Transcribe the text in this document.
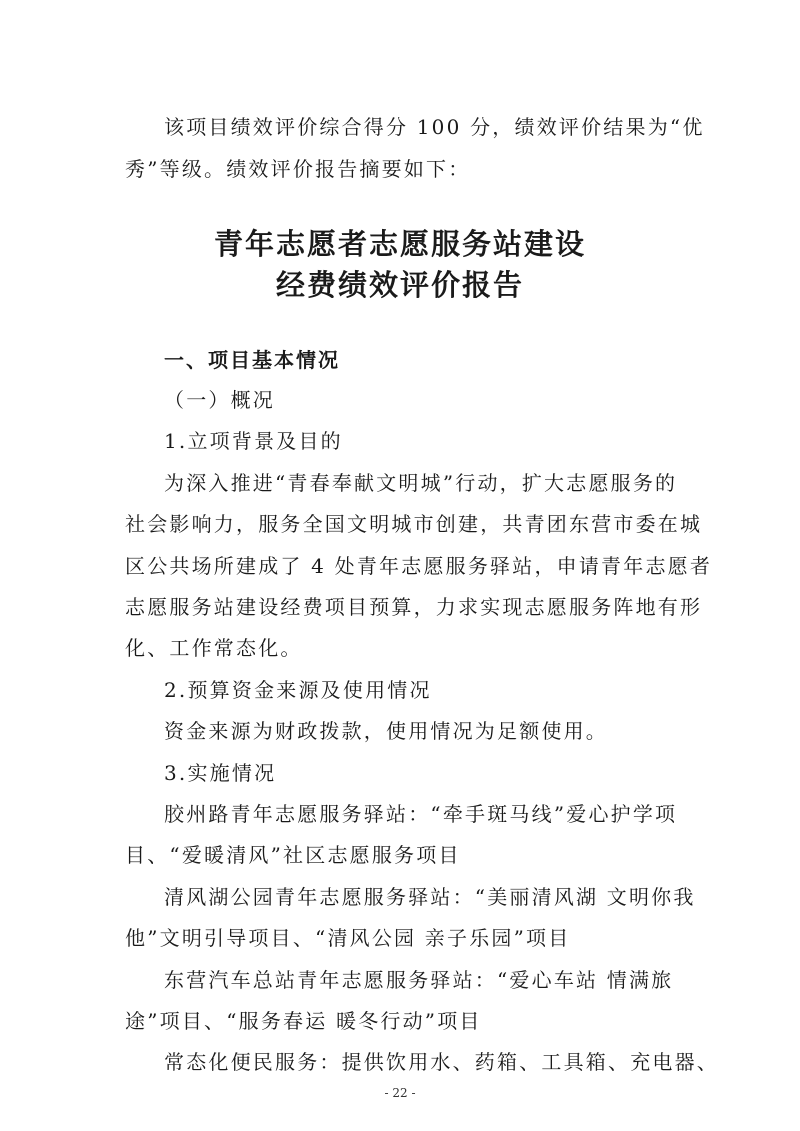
该项目绩效评价综合得分 100 分，绩效评价结果为“优
秀”等级。绩效评价报告摘要如下：
青年志愿者志愿服务站建设
经费绩效评价报告
一、项目基本情况
（一）概况
1.立项背景及目的
为深入推进“青春奉献文明城”行动，扩大志愿服务的
社会影响力，服务全国文明城市创建，共青团东营市委在城
区公共场所建成了 4 处青年志愿服务驿站，申请青年志愿者
志愿服务站建设经费项目预算，力求实现志愿服务阵地有形
化、工作常态化。
2.预算资金来源及使用情况
资金来源为财政拨款，使用情况为足额使用。
3.实施情况
胶州路青年志愿服务驿站：“牵手斑马线”爱心护学项
目、“爱暖清风”社区志愿服务项目
清风湖公园青年志愿服务驿站：“美丽清风湖 文明你我
他”文明引导项目、“清风公园 亲子乐园”项目
东营汽车总站青年志愿服务驿站：“爱心车站 情满旅
途”项目、“服务春运 暖冬行动”项目
常态化便民服务：提供饮用水、药箱、工具箱、充电器、
- 22 -
